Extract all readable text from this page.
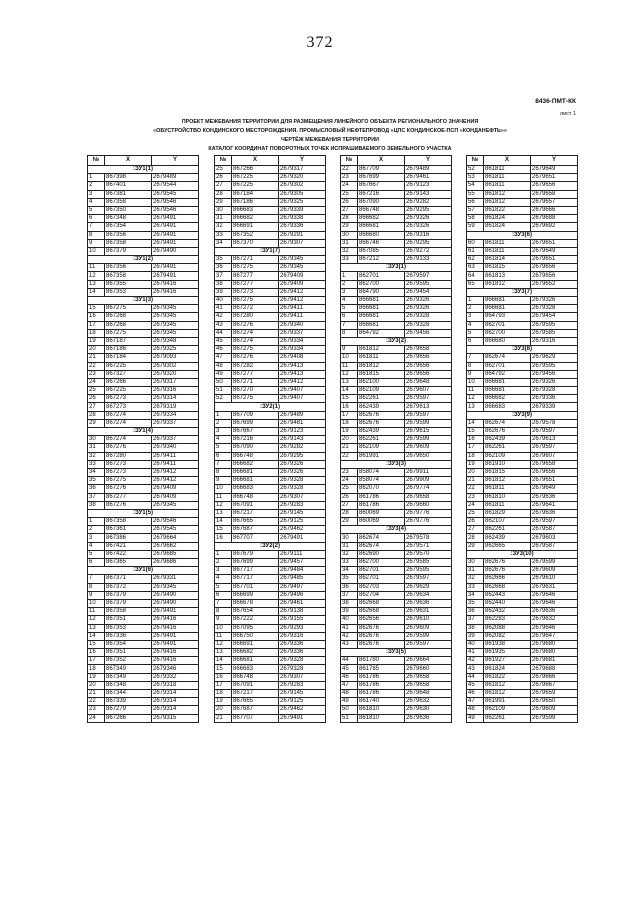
372
8436-ПМТ-КК
лист 1
ПРОЕКТ МЕЖЕВАНИЯ ТЕРРИТОРИИ ДЛЯ РАЗМЕЩЕНИЯ ЛИНЕЙНОГО ОБЪЕКТА РЕГИОНАЛЬНОГО ЗНАЧЕНИЯ
«ОБУСТРОЙСТВО КОНДИНСКОГО МЕСТОРОЖДЕНИЯ. ПРОМЫСЛОВЫЙ НЕФТЕПРОВОД «ЦПС КОНДИНСКОЕ-ПСП «КОНДАНЕФТЬ»»
ЧЕРТЁЖ МЕЖЕВАНИЯ ТЕРРИТОРИИ
КАТАЛОГ КООРДИНАТ ПОВОРОТНЫХ ТОЧЕК ИСПРАШИВАЕМОГО ЗЕМЕЛЬНОГО УЧАСТКА
№	X	Y
:ЗУ1(1)		
1	867398	2679489
2	867401	2679544
3	867381	2679545
4	867358	2679546
5	867350	2679546
6	867348	2679491
7	867354	2679491
8	867356	2679491
9	867358	2679491
10	867379	2679490
:ЗУ1(2)		
11	867356	2679491
12	867358	2679491
13	867355	2679416
14	867353	2679416
:ЗУ1(3)		
15	867275	2679345
16	867268	2679345
17	867268	2679345
18	867275	2679345
19	867187	2679348
20	867186	2679325
21	867184	2679093
22	867225	2679302
23	867327	2679320
24	867266	2679317
25	867225	2679316
26	867273	2679314
27	867273	2679319
28	867274	2679334
29	867274	2679337
:ЗУ1(4)		
30	867274	2679337
31	867276	2679340
32	867280	2679411
33	867273	2679411
34	867273	2679412
35	867275	2679412
36	867276	2679409
37	867277	2679409
38	867276	2679345
:ЗУ1(5)		
1	867358	2679546
2	867361	2679545
3	867386	2679664
4	867421	2679662
5	867422	2679685
6	867365	2679686
:ЗУ1(6)		
7	867371	2679331
8	867372	2679345
9	867379	2679490
10	867379	2679490
11	867358	2679491
12	867351	2679416
13	867353	2679416
14	867336	2679491
15	867354	2679491
16	867351	2679416
17	867352	2679416
18	867349	2679346
19	867349	2679332
20	867348	2679318
21	867344	2679314
22	867339	2679314
23	867279	2679314
24	867266	2679315
№	X	Y
25	867266	2679317
26	867225	2679320
27	867225	2679302
28	867184	2679305
29	867186	2679325
30	866683	2679339
31	866682	2679338
32	866691	2679336
33	867352	2679291
34	867370	2679307
:ЗУ1(7)		
35	867271	2679345
36	867275	2679345
37	867277	2679409
38	867277	2679409
39	867273	2679412
40	867275	2679412
41	867272	2679411
42	867280	2679411
43	867276	2679340
44	867274	2679337
45	867274	2679334
46	867275	2679334
47	867276	2679408
48	867282	2679413
49	867277	2679413
50	867271	2679412
51	867270	2679407
52	867275	2679407
:ЗУ2(1)		
1	867709	2679489
2	867699	2679481
3	867667	2679123
4	867216	2679143
5	867090	2679282
6	866748	2679295
7	866682	2679326
8	866681	2679326
9	866681	2679328
10	866683	2679328
11	866748	2679307
12	867091	2679283
13	867217	2679145
14	867665	2679125
15	867687	2679462
16	867707	2679491
:ЗУ2(2)		
1	867679	2679111
2	867699	2679457
3	867717	2679484
4	867717	2679485
5	867701	2679497
6	866699	2679496
7	866678	2679461
8	867654	2679138
9	867222	2679155
10	867095	2679293
11	866750	2679316
12	866691	2679336
13	866682	2679336
14	866681	2679328
15	866683	2679328
16	866748	2679307
17	867091	2679283
18	867217	2679145
19	867665	2679125
20	867687	2679462
21	867707	2679491
№	X	Y
22	867709	2679489
23	867699	2679461
24	867667	2679123
25	867216	2679143
26	867090	2679282
27	866748	2679295
28	866682	2679326
29	866681	2679326
30	866680	2679316
31	866746	2679295
32	867085	2679272
33	867212	2679133
:ЗУ3(1)		
1	862701	2679597
2	862700	2679595
3	864790	2679454
4	866681	2679326
5	866681	2679326
6	866681	2679328
7	866681	2679328
8	864792	2679456
:ЗУ3(2)		
9	861812	2679658
10	861811	2679656
11	861812	2679656
12	861815	2679656
13	862100	2679648
14	862109	2679607
15	862261	2679597
16	862439	2679613
17	862676	2679597
18	862676	2679599
19	862439	2679615
20	862261	2679599
21	862109	2679609
22	861991	2679650
:ЗУ3(3)		
23	858074	2679911
24	858074	2679909
25	862070	2679774
26	861786	2679658
27	861786	2679660
28	860069	2679776
29	860069	2679776
:ЗУ3(4)		
30	862674	2679578
31	862674	2679571
32	862690	2679570
33	862700	2679585
34	862701	2679595
35	862701	2679597
36	862703	2679629
37	862704	2679634
38	862668	2679636
39	862668	2679631
40	862656	2679610
41	862676	2679609
42	862676	2679599
43	862676	2679597
:ЗУ3(5)		
44	861780	2679664
45	861785	2679660
46	861786	2679658
47	861786	2679658
48	861786	2679648
49	861740	2679632
50	861810	2679630
51	861810	2679636
№	X	Y
52	861811	2679649
53	861811	2679651
54	861811	2679656
55	861812	2679658
56	861812	2679657
57	861822	2679666
58	861824	2679688
59	861824	2679692
:ЗУ3(6)		
60	861811	2679651
61	861811	2679649
62	861814	2679651
63	861815	2679656
64	861813	2679656
65	861812	2679652
:ЗУ3(7)		
1	866681	2679326
2	866681	2679328
3	864793	2679454
4	862701	2679595
5	862700	2679585
6	866680	2679316
:ЗУ3(8)		
7	862674	2679629
8	862701	2679595
9	864792	2679456
10	866681	2679326
11	866681	2679328
12	866682	2679336
13	866683	2679339
:ЗУ3(9)		
14	862674	2679578
15	862676	2679597
16	862439	2679613
17	862261	2679597
18	862109	2679607
19	861910	2679658
20	861815	2679656
21	861812	2679651
22	861811	2679649
23	861810	2679636
24	861811	2679641
25	861829	2679636
26	862107	2679597
27	862261	2679587
28	862439	2679603
29	862665	2679587
:ЗУ3(10)		
30	862676	2679599
31	862676	2679609
32	862666	2679610
33	862668	2679631
34	862443	2679646
35	862440	2679646
36	862432	2679636
37	862283	2679632
38	862088	2679646
39	862082	2679647
40	861938	2679680
41	861935	2679680
42	861927	2679681
43	861824	2679688
44	861822	2679666
45	861812	2679667
46	861812	2679659
47	861991	2679650
48	862109	2679609
49	862261	2679599
